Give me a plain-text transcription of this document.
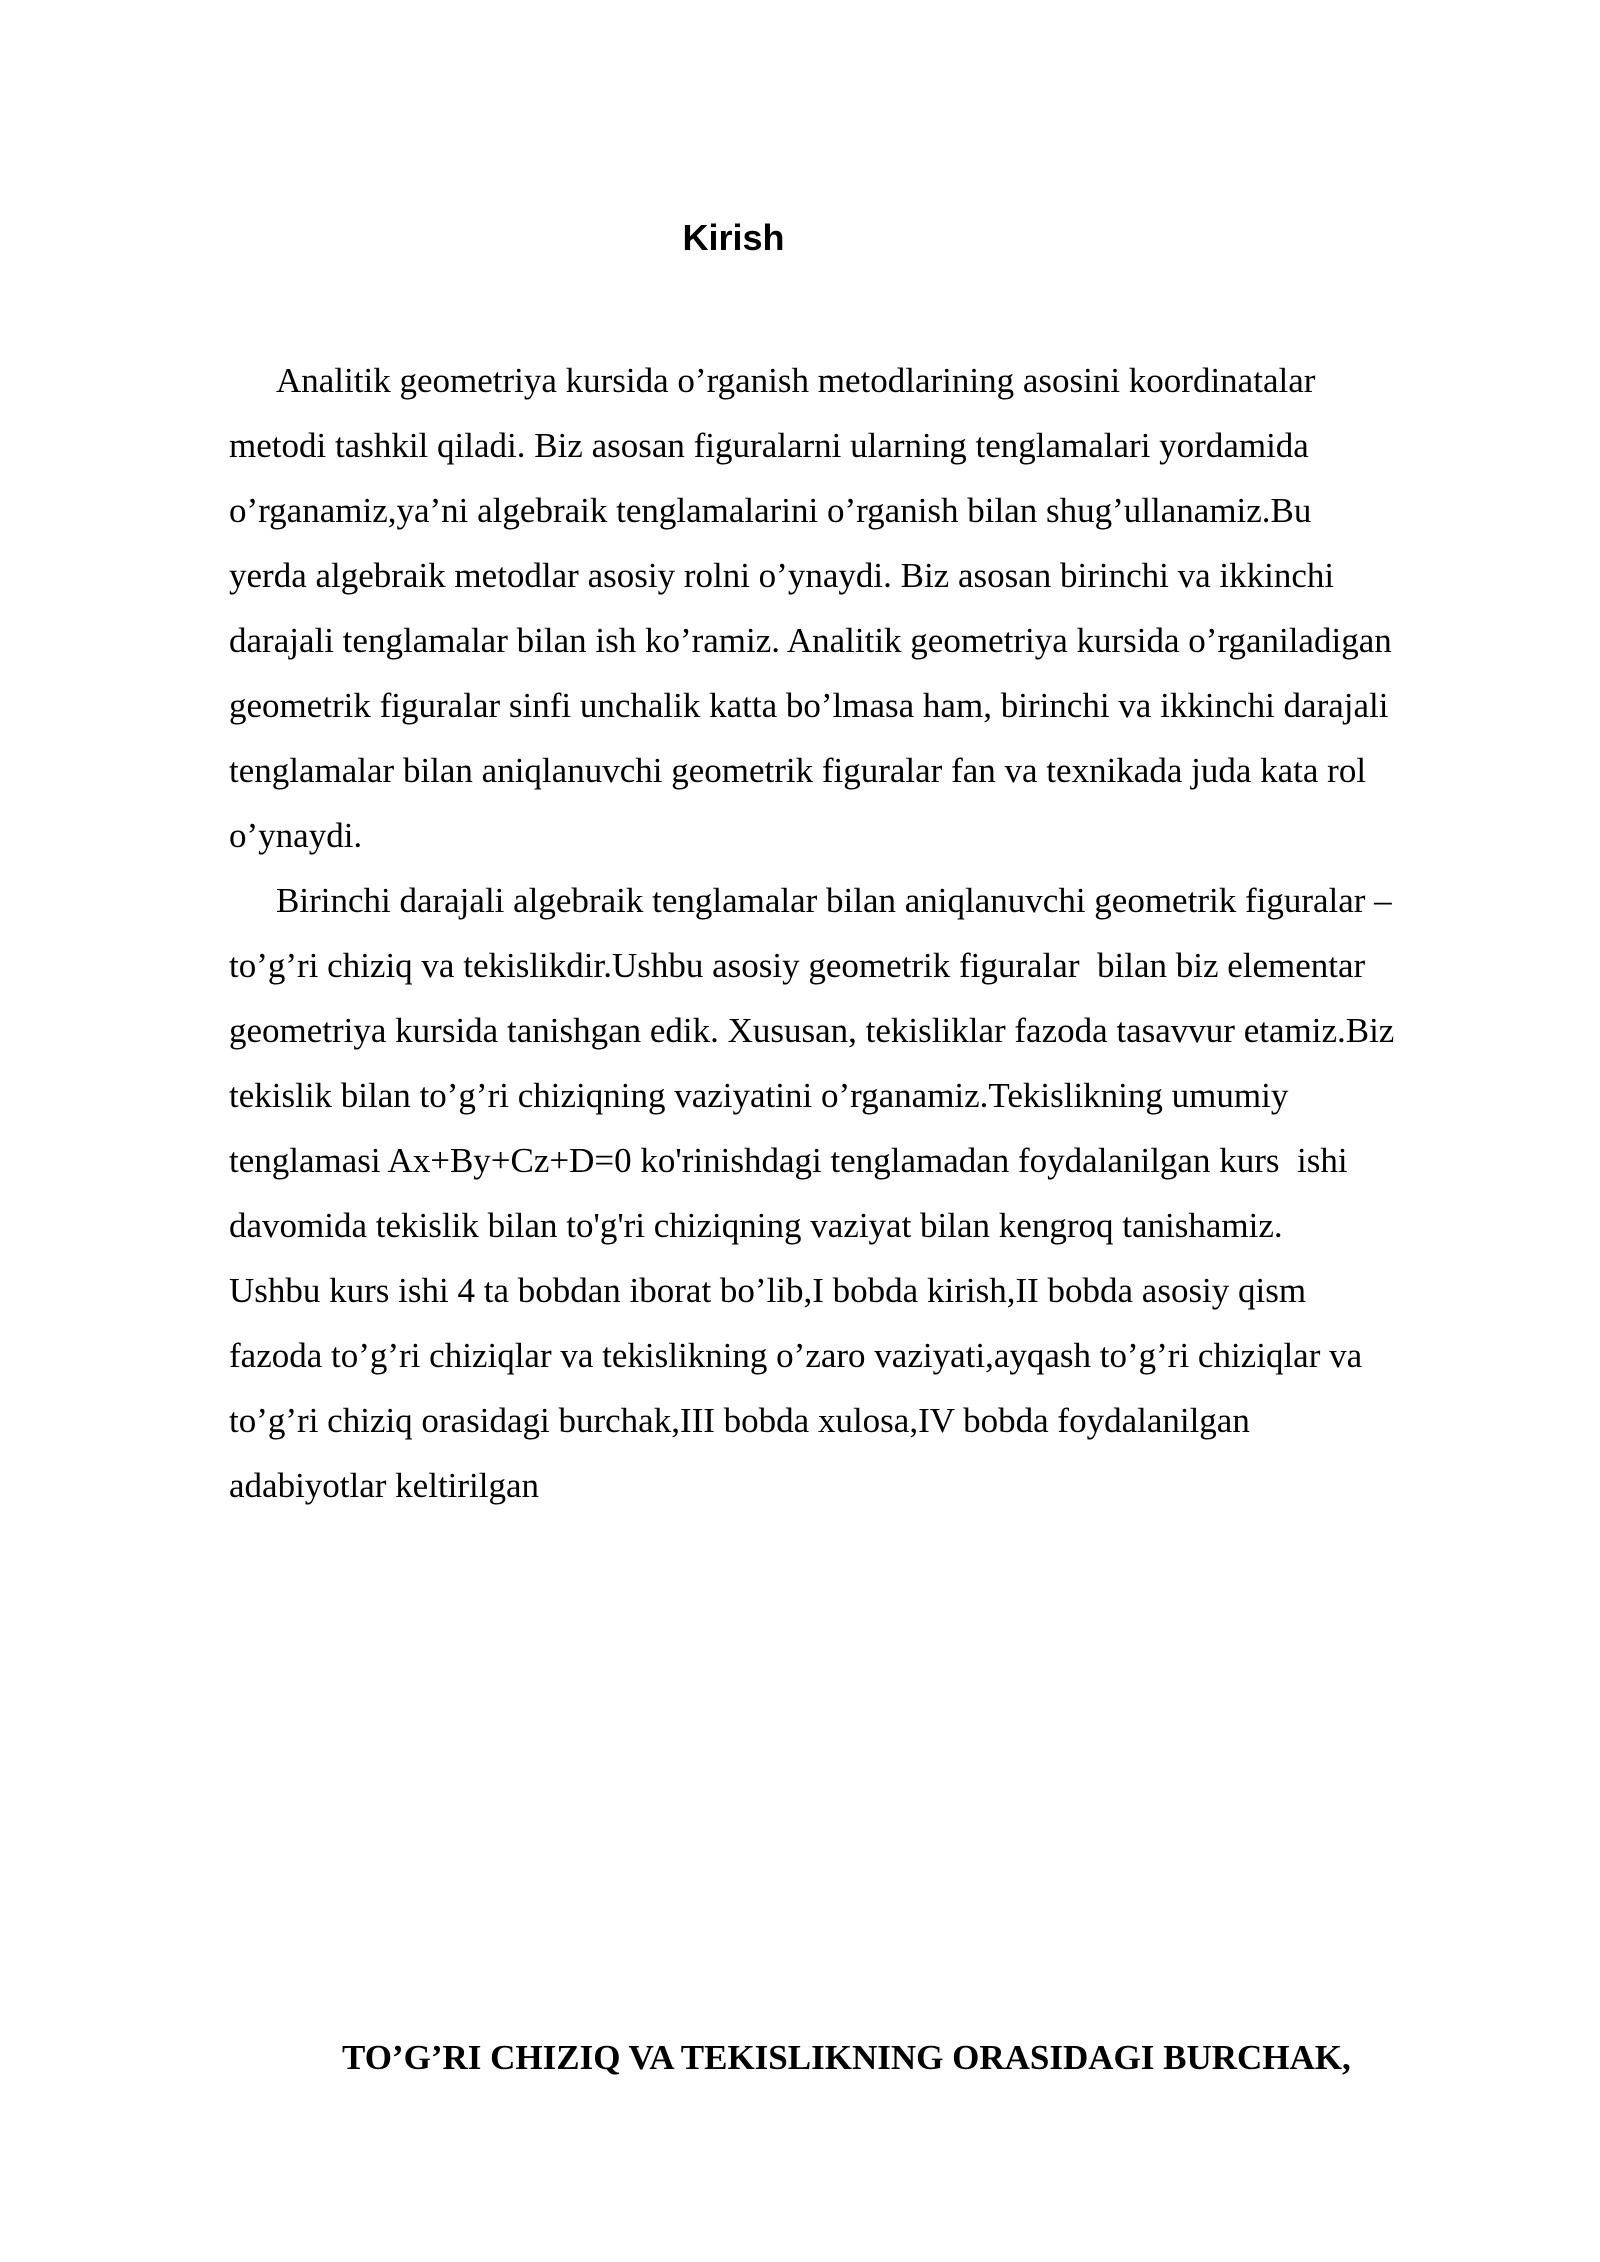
Kirish
Analitik geometriya kursida o’rganish metodlarining asosini koordinatalar
metodi tashkil qiladi. Biz asosan figuralarni ularning tenglamalari yordamida
o’rganamiz,ya’ni algebraik tenglamalarini o’rganish bilan shug’ullanamiz.Bu
yerda algebraik metodlar asosiy rolni o’ynaydi. Biz asosan birinchi va ikkinchi
darajali tenglamalar bilan ish ko’ramiz. Analitik geometriya kursida o’rganiladigan
geometrik figuralar sinfi unchalik katta bo’lmasa ham, birinchi va ikkinchi darajali
tenglamalar bilan aniqlanuvchi geometrik figuralar fan va texnikada juda kata rol
o’ynaydi.
Birinchi darajali algebraik tenglamalar bilan aniqlanuvchi geometrik figuralar –
to’g’ri chiziq va tekislikdir.Ushbu asosiy geometrik figuralar  bilan biz elementar
geometriya kursida tanishgan edik. Xususan, tekisliklar fazoda tasavvur etamiz.Biz
tekislik bilan to’g’ri chiziqning vaziyatini o’rganamiz.Tekislikning umumiy
tenglamasi Ax+By+Cz+D=0 ko'rinishdagi tenglamadan foydalanilgan kurs  ishi
davomida tekislik bilan to'g'ri chiziqning vaziyat bilan kengroq tanishamiz.
Ushbu kurs ishi 4 ta bobdan iborat bo’lib,I bobda kirish,II bobda asosiy qism
fazoda to’g’ri chiziqlar va tekislikning o’zaro vaziyati,ayqash to’g’ri chiziqlar va
to’g’ri chiziq orasidagi burchak,III bobda xulosa,IV bobda foydalanilgan
adabiyotlar keltirilgan
TO’G’RI CHIZIQ VA TEKISLIKNING ORASIDAGI BURCHAK,
